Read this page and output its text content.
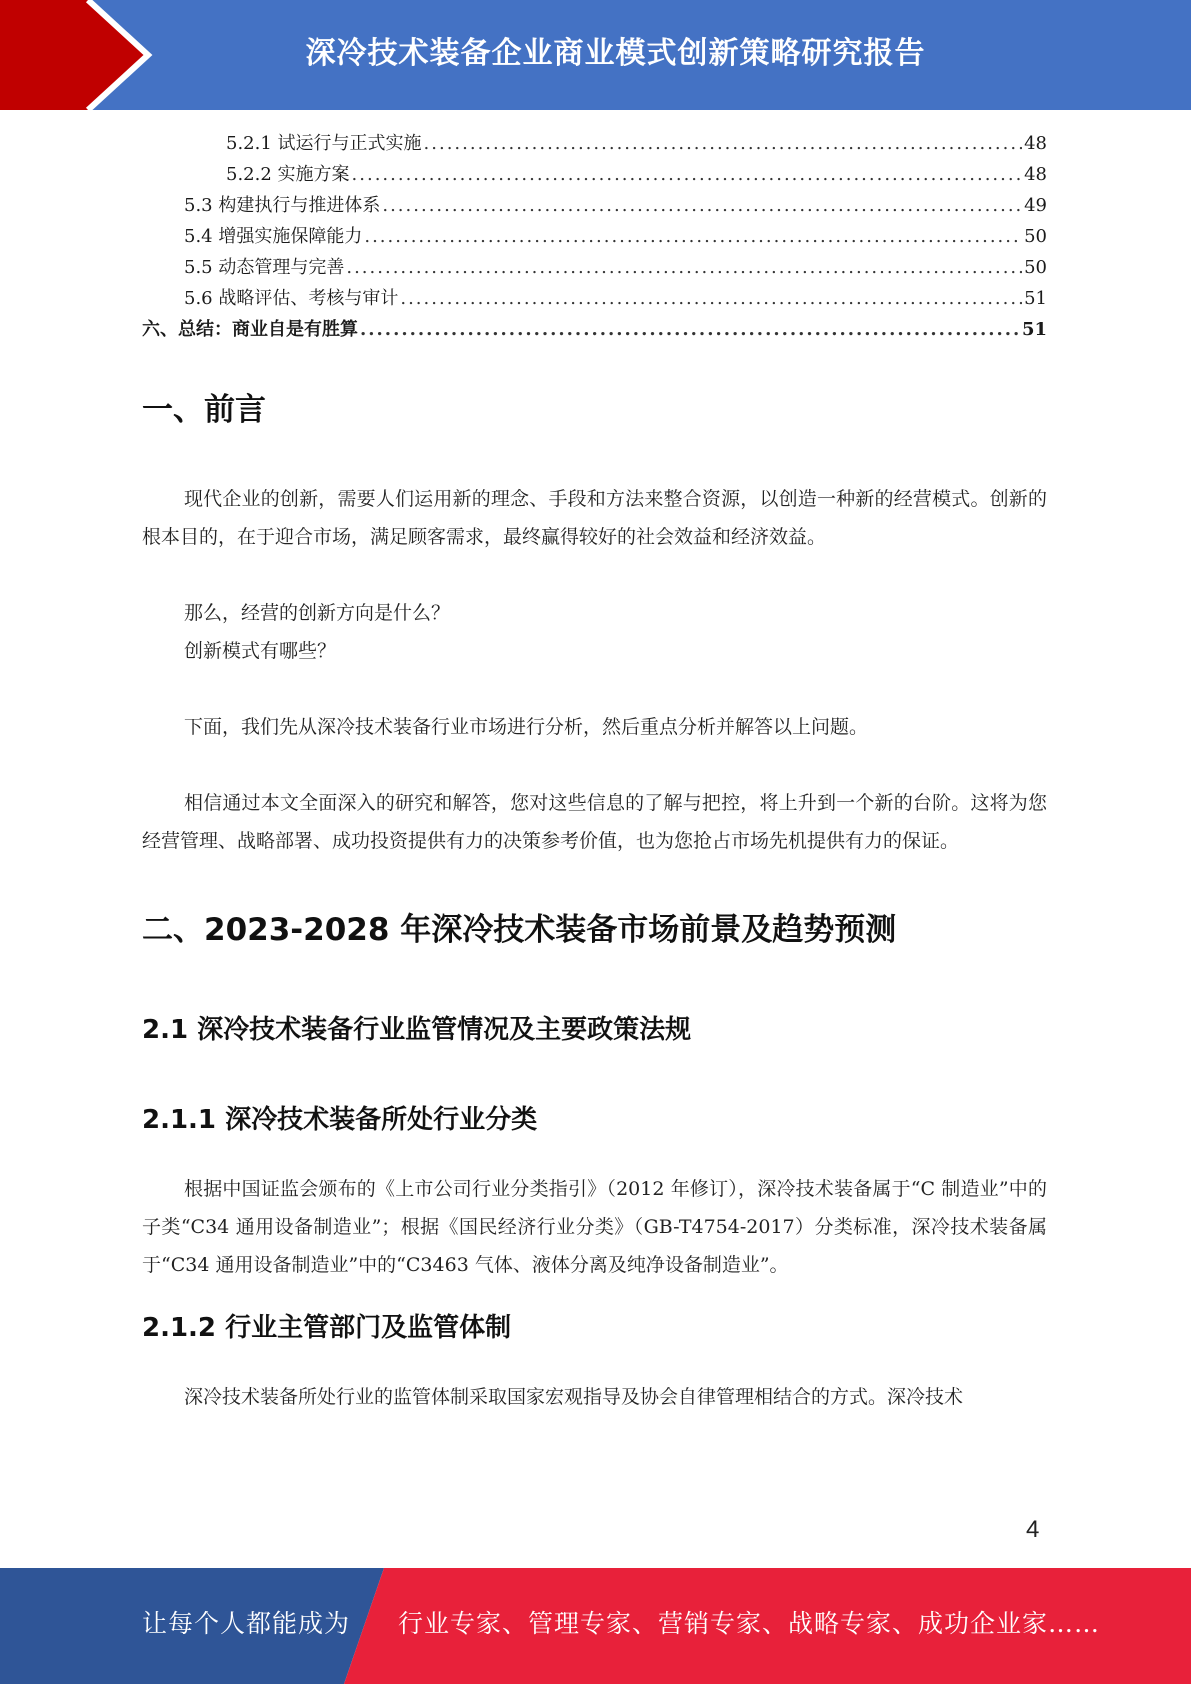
深冷技术装备企业商业模式创新策略研究报告
5.2.1 试运行与正式实施 .....	48
5.2.2 实施方案 .....	48
5.3 构建执行与推进体系 .....	49
5.4 增强实施保障能力 .....	50
5.5 动态管理与完善 .....	50
5.6 战略评估、考核与审计 .....	51
六、总结：商业自是有胜算 .....	51
一、前言

现代企业的创新，需要人们运用新的理念、手段和方法来整合资源，以创造一种新的经营模式。创新的根本目的，在于迎合市场，满足顾客需求，最终赢得较好的社会效益和经济效益。

那么，经营的创新方向是什么？

创新模式有哪些？

下面，我们先从深冷技术装备行业市场进行分析，然后重点分析并解答以上问题。

相信通过本文全面深入的研究和解答，您对这些信息的了解与把控，将上升到一个新的台阶。这将为您经营管理、战略部署、成功投资提供有力的决策参考价值，也为您抢占市场先机提供有力的保证。

二、2023-2028 年深冷技术装备市场前景及趋势预测
2.1 深冷技术装备行业监管情况及主要政策法规
2.1.1 深冷技术装备所处行业分类

根据中国证监会颁布的《上市公司行业分类指引》（2012 年修订），深冷技术装备属于“C 制造业”中的子类“C34 通用设备制造业”；根据《国民经济行业分类》（GB-T4754-2017）分类标准，深冷技术装备属于“C34 通用设备制造业”中的“C3463 气体、液体分离及纯净设备制造业”。

2.1.2 行业主管部门及监管体制

深冷技术装备所处行业的监管体制采取国家宏观指导及协会自律管理相结合的方式。深冷技术

4
让每个人都能成为 行业专家、管理专家、营销专家、战略专家、成功企业家……
